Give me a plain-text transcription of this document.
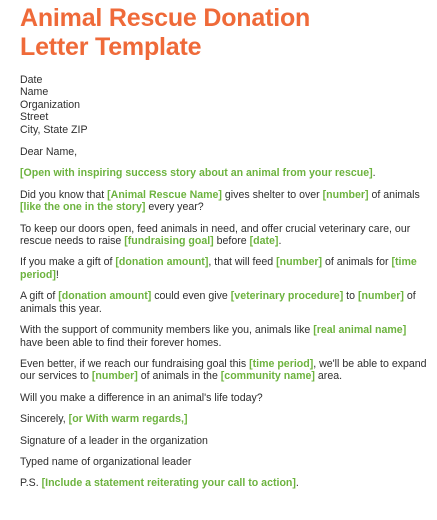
Animal Rescue Donation
Letter Template
Date
Name
Organization
Street
City, State ZIP

Dear Name,

[Open with inspiring success story about an animal from your rescue].

Did you know that [Animal Rescue Name] gives shelter to over [number] of animals [like the one in the story] every year?

To keep our doors open, feed animals in need, and offer crucial veterinary care, our rescue needs to raise [fundraising goal] before [date].

If you make a gift of [donation amount], that will feed [number] of animals for [time period]!

A gift of [donation amount] could even give [veterinary procedure] to [number] of animals this year.

With the support of community members like you, animals like [real animal name] have been able to find their forever homes.

Even better, if we reach our fundraising goal this [time period], we'll be able to expand our services to [number] of animals in the [community name] area.

Will you make a difference in an animal's life today?

Sincerely, [or With warm regards,]

Signature of a leader in the organization

Typed name of organizational leader

P.S. [Include a statement reiterating your call to action].
